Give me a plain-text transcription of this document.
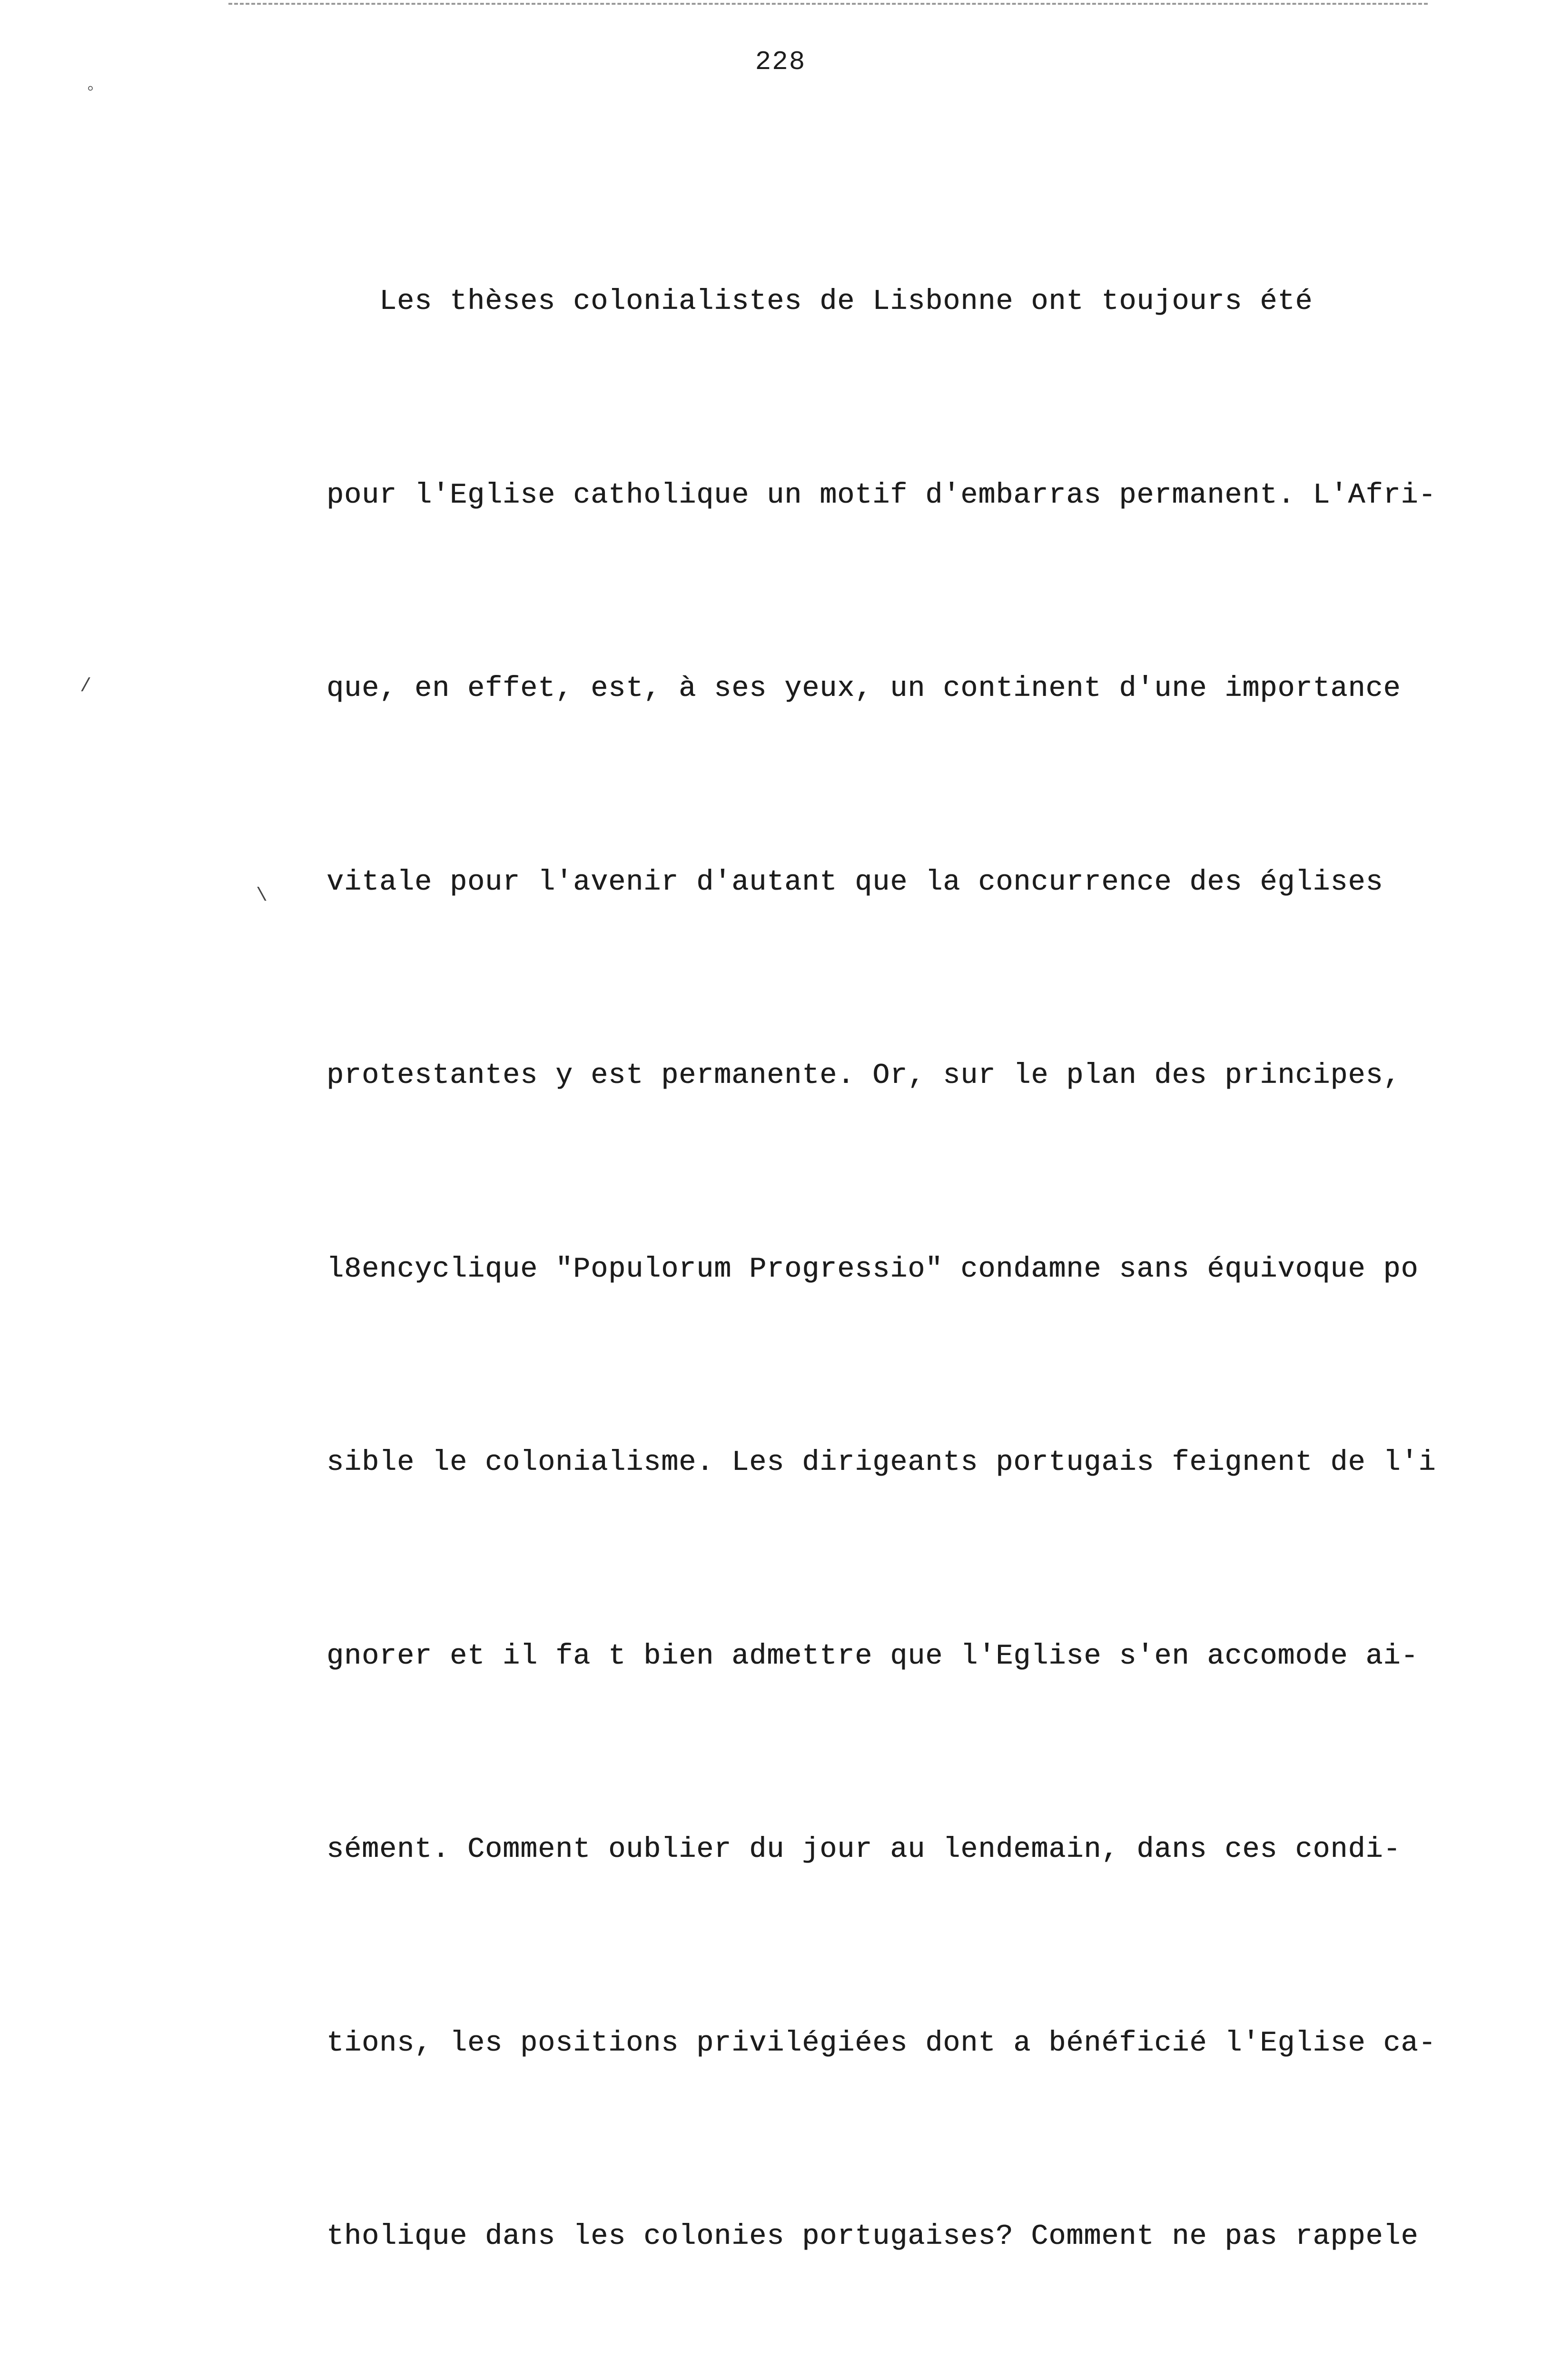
228
◦
/
\

Les thèses colonialistes de Lisbonne ont toujours été

pour l'Eglise catholique un motif d'embarras permanent. L'Afri-

que, en effet, est, à ses yeux, un continent d'une importance

vitale pour l'avenir d'autant que la concurrence des églises

protestantes y est permanente. Or, sur le plan des principes,

l8encyclique "Populorum Progressio" condamne sans équivoque po

sible le colonialisme. Les dirigeants portugais feignent de l'i

gnorer et il fa t bien admettre que l'Eglise s'en accomode ai-

sément. Comment oublier du jour au lendemain, dans ces condi-

tions, les positions privilégiées dont a bénéficié l'Eglise ca-

tholique dans les colonies portugaises? Comment ne pas rappele
